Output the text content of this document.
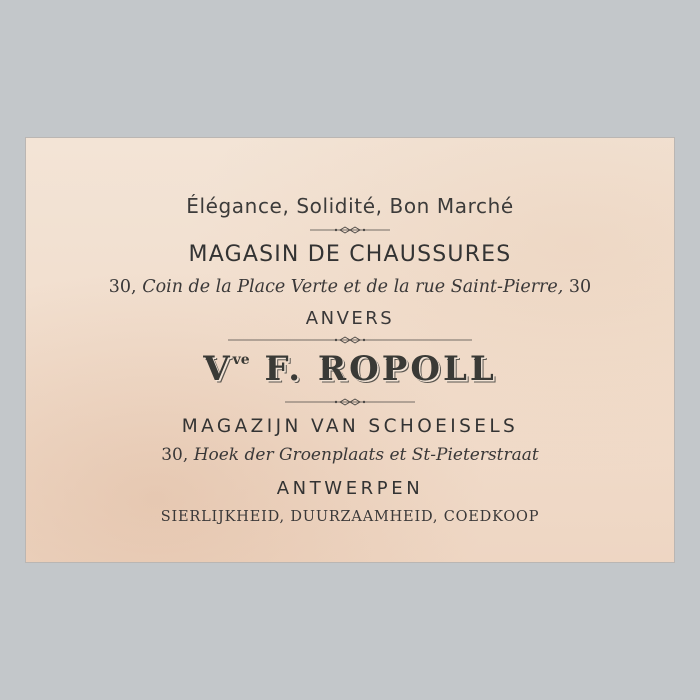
Élégance, Solidité, Bon Marché
MAGASIN DE CHAUSSURES
30, Coin de la Place Verte et de la rue Saint-Pierre, 30
ANVERS
$V^{ve}$ F. ROPOLL
MAGAZIJN VAN SCHOEISELS
30, Hoek der Groenplaats et St-Pieterstraat
ANTWERPEN
SIERLIJKHEID, DUURZAAMHEID, COEDKOOP
